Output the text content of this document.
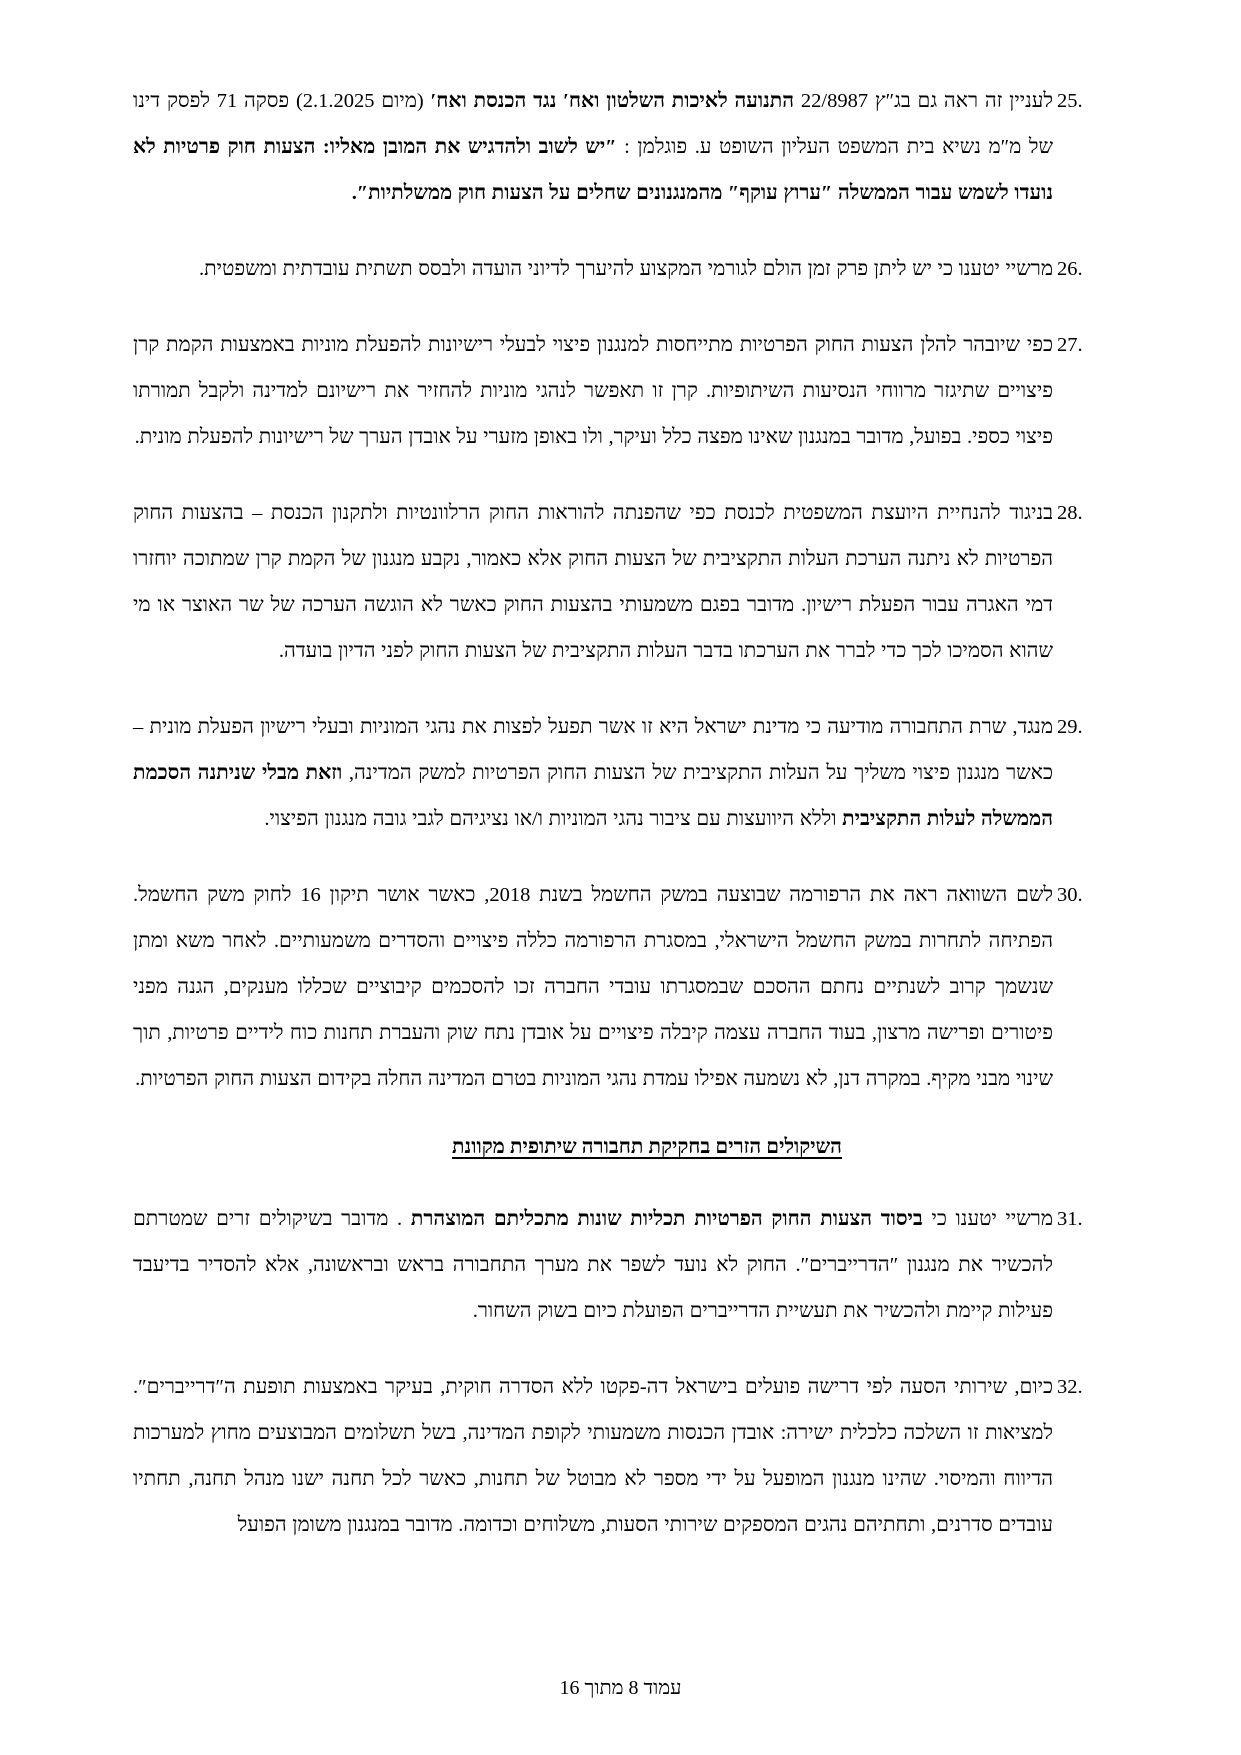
25 .
לעניין זה ראה גם בג″ץ 22/8987 התנועה לאיכות השלטון ואח′ נגד הכנסת ואח′ (מיום 2.1.2025) פסקה 71 לפסק דינו של מ″מ נשיא בית המשפט העליון השופט ע. פוגלמן : ″יש לשוב ולהדגיש את המובן מאליו: הצעות חוק פרטיות לא נועדו לשמש עבור הממשלה ″ערוץ עוקף″ מהמנגנונים שחלים על הצעות חוק ממשלתיות″.
26 .
מרשיי יטענו כי יש ליתן פרק זמן הולם לגורמי המקצוע להיערך לדיוני הועדה ולבסס תשתית עובדתית ומשפטית.
27 .
כפי שיובהר להלן הצעות החוק הפרטיות מתייחסות למנגנון פיצוי לבעלי רישיונות להפעלת מוניות באמצעות הקמת קרן פיצויים שתיגזר מרווחי הנסיעות השיתופיות. קרן זו תאפשר לנהגי מוניות להחזיר את רישיונם למדינה ולקבל תמורתו פיצוי כספי. בפועל, מדובר במנגנון שאינו מפצה כלל ועיקר, ולו באופן מזערי על אובדן הערך של רישיונות להפעלת מונית.
28 .
בניגוד להנחיית היועצת המשפטית לכנסת כפי שהפנתה להוראות החוק הרלוונטיות ולתקנון הכנסת – בהצעות החוק הפרטיות לא ניתנה הערכת העלות התקציבית של הצעות החוק אלא כאמור, נקבע מנגנון של הקמת קרן שמתוכה יוחזרו דמי האגרה עבור הפעלת רישיון. מדובר בפגם משמעותי בהצעות החוק כאשר לא הוגשה הערכה של שר האוצר או מי שהוא הסמיכו לכך כדי לברר את הערכתו בדבר העלות התקציבית של הצעות החוק לפני הדיון בועדה.
29 .
מנגד, שרת התחבורה מודיעה כי מדינת ישראל היא זו אשר תפעל לפצות את נהגי המוניות ובעלי רישיון הפעלת מונית – כאשר מנגנון פיצוי משליך על העלות התקציבית של הצעות החוק הפרטיות למשק המדינה, וזאת מבלי שניתנה הסכמת הממשלה לעלות התקציבית וללא היוועצות עם ציבור נהגי המוניות ו/או נציגיהם לגבי גובה מנגנון הפיצוי.
30 .
לשם השוואה ראה את הרפורמה שבוצעה במשק החשמל בשנת 2018, כאשר אושר תיקון 16 לחוק משק החשמל. הפתיחה לתחרות במשק החשמל הישראלי, במסגרת הרפורמה כללה פיצויים והסדרים משמעותיים. לאחר משא ומתן שנשמך קרוב לשנתיים נחתם ההסכם שבמסגרתו עובדי החברה זכו להסכמים קיבוציים שכללו מענקים, הגנה מפני פיטורים ופרישה מרצון, בעוד החברה עצמה קיבלה פיצויים על אובדן נתח שוק והעברת תחנות כוח לידיים פרטיות, תוך שינוי מבני מקיף. במקרה דנן, לא נשמעה אפילו עמדת נהגי המוניות בטרם המדינה החלה בקידום הצעות החוק הפרטיות.
השיקולים הזרים בחקיקת תחבורה שיתופית מקוונת
31 .
מרשיי יטענו כי ביסוד הצעות החוק הפרטיות תכליות שונות מתכליתם המוצהרת . מדובר בשיקולים זרים שמטרתם להכשיר את מנגנון ″הדרייברים″. החוק לא נועד לשפר את מערך התחבורה בראש ובראשונה, אלא להסדיר בדיעבד פעילות קיימת ולהכשיר את תעשיית הדרייברים הפועלת כיום בשוק השחור.
32 .
כיום, שירותי הסעה לפי דרישה פועלים בישראל דה-פקטו ללא הסדרה חוקית, בעיקר באמצעות תופעת ה″דרייברים″. למציאות זו השלכה כלכלית ישירה: אובדן הכנסות משמעותי לקופת המדינה, בשל תשלומים המבוצעים מחוץ למערכות הדיווח והמיסוי. שהינו מנגנון המופעל על ידי מספר לא מבוטל של תחנות, כאשר לכל תחנה ישנו מנהל תחנה, תחתיו עובדים סדרנים, ותחתיהם נהגים המספקים שירותי הסעות, משלוחים וכדומה. מדובר במנגנון משומן הפועל
עמוד 8 מתוך 16
